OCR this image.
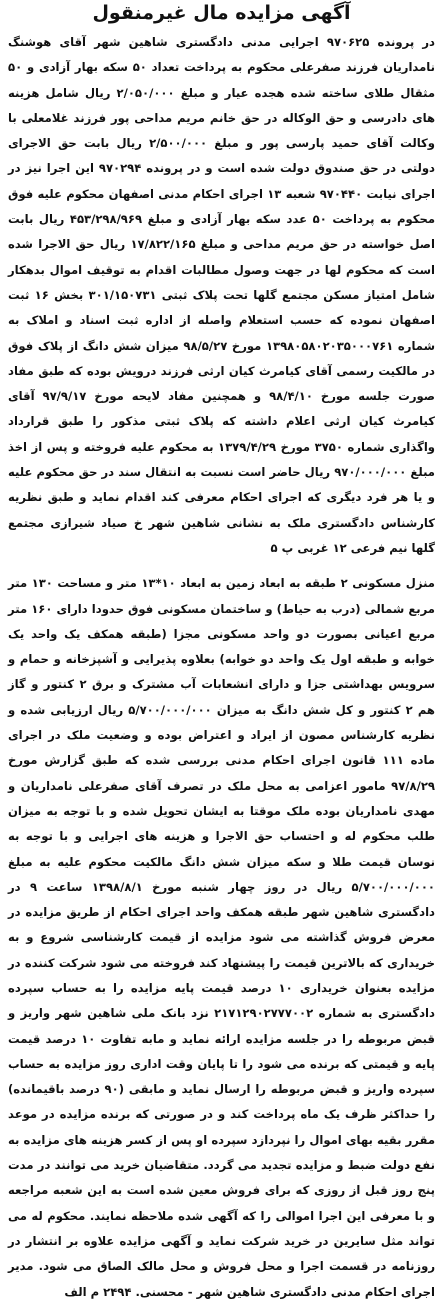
آگهی مزایده مال غیرمنقول

در پرونده ۹۷۰۶۲۵ اجرایی مدنی دادگستری شاهین شهر آقای هوشنگ نامداریان فرزند صفرعلی محکوم به پرداخت تعداد ۵۰ سکه بهار آزادی و ۵۰ مثقال طلای ساخته شده هجده عیار و مبلغ ۲/۰۵۰/۰۰۰ ریال شامل هزینه های دادرسی و حق الوکاله در حق خانم مریم مداحی پور فرزند غلامعلی با وکالت آقای حمید پارسی پور و مبلغ ۲/۵۰۰/۰۰۰ ریال بابت حق الاجرای دولتی در حق صندوق دولت شده است و در پرونده ۹۷۰۲۹۴ این اجرا نیز در اجرای نیابت ۹۷۰۴۴۰ شعبه ۱۳ اجرای احکام مدنی اصفهان محکوم علیه فوق محکوم به پرداخت ۵۰ عدد سکه بهار آزادی و مبلغ ۴۵۳/۲۹۸/۹۶۹ ریال بابت اصل خواسته در حق مریم مداحی و مبلغ ۱۷/۸۲۲/۱۶۵ ریال حق الاجرا شده است که محکوم لها در جهت وصول مطالبات اقدام به توقیف اموال بدهکار شامل امتیاز مسکن مجتمع گلها تحت پلاک ثبتی ۳۰۱/۱۵۰۷۳۱ بخش ۱۶ ثبت اصفهان نموده که حسب استعلام واصله از اداره ثبت اسناد و املاک به شماره ۱۳۹۸۰۵۸۰۲۰۳۵۰۰۰۷۶۱ مورخ ۹۸/۵/۲۷ میزان شش دانگ از پلاک فوق در مالکیت رسمی آقای کیامرث کیان ارثی فرزند درویش بوده که طبق مفاد صورت جلسه مورخ ۹۸/۴/۱۰ و همچنین مفاد لایحه مورخ ۹۷/۹/۱۷ آقای کیامرث کیان ارثی اعلام داشته که پلاک ثبتی مذکور را طبق قرارداد واگذاری شماره ۳۷۵۰ مورخ ۱۳۷۹/۴/۲۹ به محکوم علیه فروخته و پس از اخذ مبلغ ۹۷۰/۰۰۰/۰۰۰ ریال حاضر است نسبت به انتقال سند در حق محکوم علیه و یا هر فرد دیگری که اجرای احکام معرفی کند اقدام نماید و طبق نظریه کارشناس دادگستری ملک به نشانی شاهین شهر خ صیاد شیرازی مجتمع گلها نیم فرعی ۱۲ غربی پ ۵

منزل مسکونی ۲ طبقه به ابعاد زمین به ابعاد ۱۰*۱۳ متر و مساحت ۱۳۰ متر مربع شمالی (درب به حیاط) و ساختمان مسکونی فوق حدودا دارای ۱۶۰ متر مربع اعیانی بصورت دو واحد مسکونی مجزا (طبقه همکف یک واحد یک خوابه و طبقه اول یک واحد دو خوابه) بعلاوه پذیرایی و آشپزخانه و حمام و سرویس بهداشتی جزا و دارای انشعابات آب مشترک و برق ۲ کنتور و گاز هم ۲ کنتور و کل شش دانگ به میزان ۵/۷۰۰/۰۰۰/۰۰۰ ریال ارزیابی شده و نظریه کارشناس مصون از ایراد و اعتراض بوده و وضعیت ملک در اجرای ماده ۱۱۱ قانون اجرای احکام مدنی بررسی شده که طبق گزارش مورخ ۹۷/۸/۲۹ مامور اعزامی به محل ملک در تصرف آقای صفرعلی نامداریان و مهدی نامداریان بوده ملک موقتا به ایشان تحویل شده و با توجه به میزان طلب محکوم له و احتساب حق الاجرا و هزینه های اجرایی و با توجه به نوسان قیمت طلا و سکه میزان شش دانگ مالکیت محکوم علیه به مبلغ ۵/۷۰۰/۰۰۰/۰۰۰ ریال در روز چهار شنبه مورخ ۱۳۹۸/۸/۱ ساعت ۹ در دادگستری شاهین شهر طبقه همکف واحد اجرای احکام از طریق مزایده در معرض فروش گذاشته می شود مزایده از قیمت کارشناسی شروع و به خریداری که بالاترین قیمت را پیشنهاد کند فروخته می شود شرکت کننده در مزایده بعنوان خریداری ۱۰ درصد قیمت پایه مزایده را به حساب سپرده دادگستری به شماره ۲۱۷۱۲۹۰۲۷۷۷۰۰۲ نزد بانک ملی شاهین شهر واریز و قبض مربوطه را در جلسه مزایده ارائه نماید و مابه تفاوت ۱۰ درصد قیمت پایه و قیمتی که برنده می شود را تا پایان وقت اداری روز مزایده به حساب سپرده واریز و قبض مربوطه را ارسال نماید و مابقی (۹۰ درصد باقیمانده) را حداکثر ظرف یک ماه پرداخت کند و در صورتی که برنده مزایده در موعد مقرر بقیه بهای اموال را نپردازد سپرده او پس از کسر هزینه های مزایده به نفع دولت ضبط و مزایده تجدید می گردد. متقاضیان خرید می توانند در مدت پنج روز قبل از روزی که برای فروش معین شده است به این شعبه مراجعه و با معرفی این اجرا اموالی را که آگهی شده ملاحظه نمایند. محکوم له می تواند مثل سایرین در خرید شرکت نماید و آگهی مزایده علاوه بر انتشار در روزنامه در قسمت اجرا و محل فروش و محل مالک الصاق می شود. مدیر اجرای احکام مدنی دادگستری شاهین شهر - محسنی. ۲۴۹۴ م الف
